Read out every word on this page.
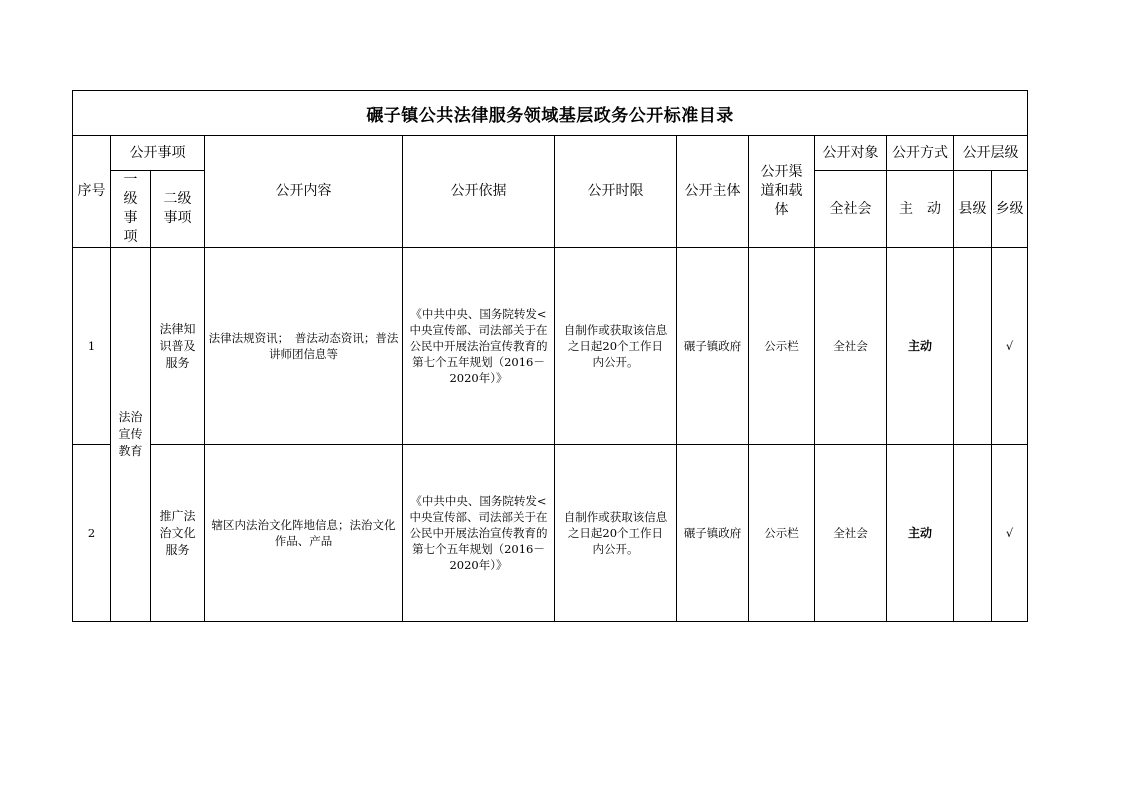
碾子镇公共法律服务领域基层政务公开标准目录											
序号	公开事项		公开内容	公开依据	公开时限	公开主体	公开渠道和载体	公开对象	公开方式	公开层级	
	一级事项	二级事项						全社会	主　动	县级	乡级
1	法治宣传教育	法律知识普及服务	法律法规资讯；　普法动态资讯；普法讲师团信息等	《中共中央、国务院转发<中央宣传部、司法部关于在公民中开展法治宣传教育的第七个五年规划（2016－2020年）》	自制作或获取该信息之日起20个工作日内公开。	碾子镇政府	公示栏	全社会	主动		√
2		推广法治文化服务	辖区内法治文化阵地信息；法治文化作品、产品	《中共中央、国务院转发<中央宣传部、司法部关于在公民中开展法治宣传教育的第七个五年规划（2016－2020年）》	自制作或获取该信息之日起20个工作日内公开。	碾子镇政府	公示栏	全社会	主动		√
